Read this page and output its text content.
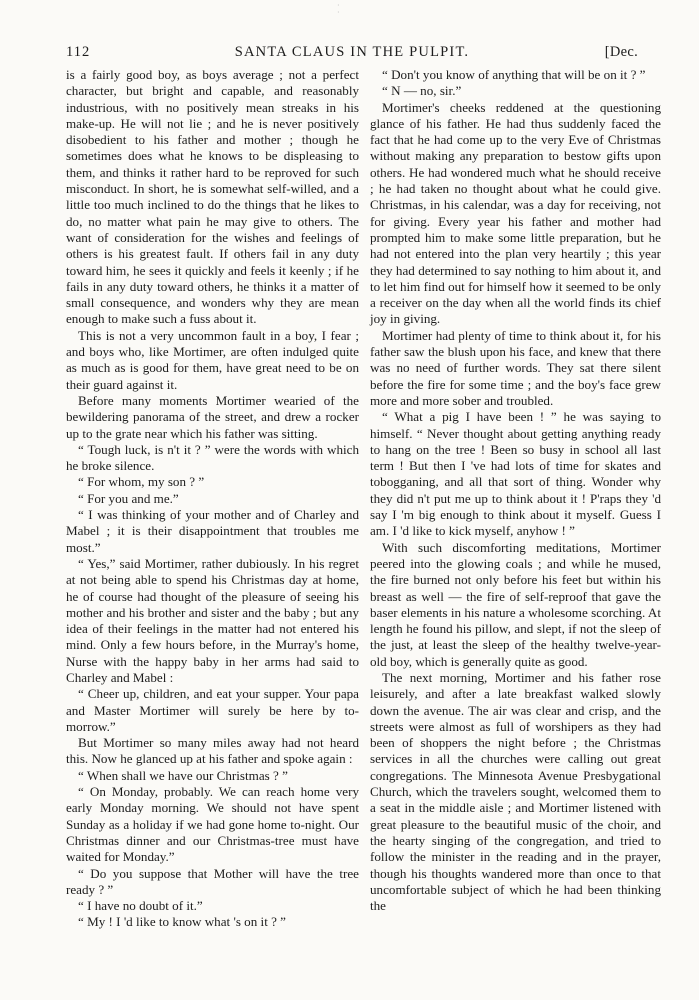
·
·
112	SANTA CLAUS IN THE PULPIT.	[Dec.

is a fairly good boy, as boys average ; not a perfect character, but bright and capable, and reasonably industrious, with no positively mean streaks in his make-up. He will not lie ; and he is never positively disobedient to his father and mother ; though he sometimes does what he knows to be displeasing to them, and thinks it rather hard to be reproved for such misconduct. In short, he is somewhat self-willed, and a little too much inclined to do the things that he likes to do, no matter what pain he may give to others. The want of consideration for the wishes and feelings of others is his greatest fault. If others fail in any duty toward him, he sees it quickly and feels it keenly ; if he fails in any duty toward others, he thinks it a matter of small consequence, and wonders why they are mean enough to make such a fuss about it.

This is not a very uncommon fault in a boy, I fear ; and boys who, like Mortimer, are often indulged quite as much as is good for them, have great need to be on their guard against it.

Before many moments Mortimer wearied of the bewildering panorama of the street, and drew a rocker up to the grate near which his father was sitting.

“ Tough luck, is n't it ? ” were the words with which he broke silence.

“ For whom, my son ? ”

“ For you and me.”

“ I was thinking of your mother and of Charley and Mabel ; it is their disappointment that troubles me most.”

“ Yes,” said Mortimer, rather dubiously. In his regret at not being able to spend his Christmas day at home, he of course had thought of the pleasure of seeing his mother and his brother and sister and the baby ; but any idea of their feelings in the matter had not entered his mind. Only a few hours before, in the Murray's home, Nurse with the happy baby in her arms had said to Charley and Mabel :

“ Cheer up, children, and eat your supper. Your papa and Master Mortimer will surely be here by to-morrow.”

But Mortimer so many miles away had not heard this. Now he glanced up at his father and spoke again :

“ When shall we have our Christmas ? ”

“ On Monday, probably. We can reach home very early Monday morning. We should not have spent Sunday as a holiday if we had gone home to-night. Our Christmas dinner and our Christmas-tree must have waited for Monday.”

“ Do you suppose that Mother will have the tree ready ? ”

“ I have no doubt of it.”

“ My ! I 'd like to know what 's on it ? ”

“ Don't you know of anything that will be on it ? ”

“ N — no, sir.”

Mortimer's cheeks reddened at the questioning glance of his father. He had thus suddenly faced the fact that he had come up to the very Eve of Christmas without making any preparation to bestow gifts upon others. He had wondered much what he should receive ; he had taken no thought about what he could give. Christmas, in his calendar, was a day for receiving, not for giving. Every year his father and mother had prompted him to make some little preparation, but he had not entered into the plan very heartily ; this year they had determined to say nothing to him about it, and to let him find out for himself how it seemed to be only a receiver on the day when all the world finds its chief joy in giving.

Mortimer had plenty of time to think about it, for his father saw the blush upon his face, and knew that there was no need of further words. They sat there silent before the fire for some time ; and the boy's face grew more and more sober and troubled.

“ What a pig I have been ! ” he was saying to himself. “ Never thought about getting anything ready to hang on the tree ! Been so busy in school all last term ! But then I 've had lots of time for skates and tobogganing, and all that sort of thing. Wonder why they did n't put me up to think about it ! P'raps they 'd say I 'm big enough to think about it myself. Guess I am. I 'd like to kick myself, anyhow ! ”

With such discomforting meditations, Mortimer peered into the glowing coals ; and while he mused, the fire burned not only before his feet but within his breast as well — the fire of self-reproof that gave the baser elements in his nature a wholesome scorching. At length he found his pillow, and slept, if not the sleep of the just, at least the sleep of the healthy twelve-year-old boy, which is generally quite as good.

The next morning, Mortimer and his father rose leisurely, and after a late breakfast walked slowly down the avenue. The air was clear and crisp, and the streets were almost as full of worshipers as they had been of shoppers the night before ; the Christmas services in all the churches were calling out great congregations. The Minnesota Avenue Presbygational Church, which the travelers sought, welcomed them to a seat in the middle aisle ; and Mortimer listened with great pleasure to the beautiful music of the choir, and the hearty singing of the congregation, and tried to follow the minister in the reading and in the prayer, though his thoughts wandered more than once to that uncomfortable subject of which he had been thinking the
